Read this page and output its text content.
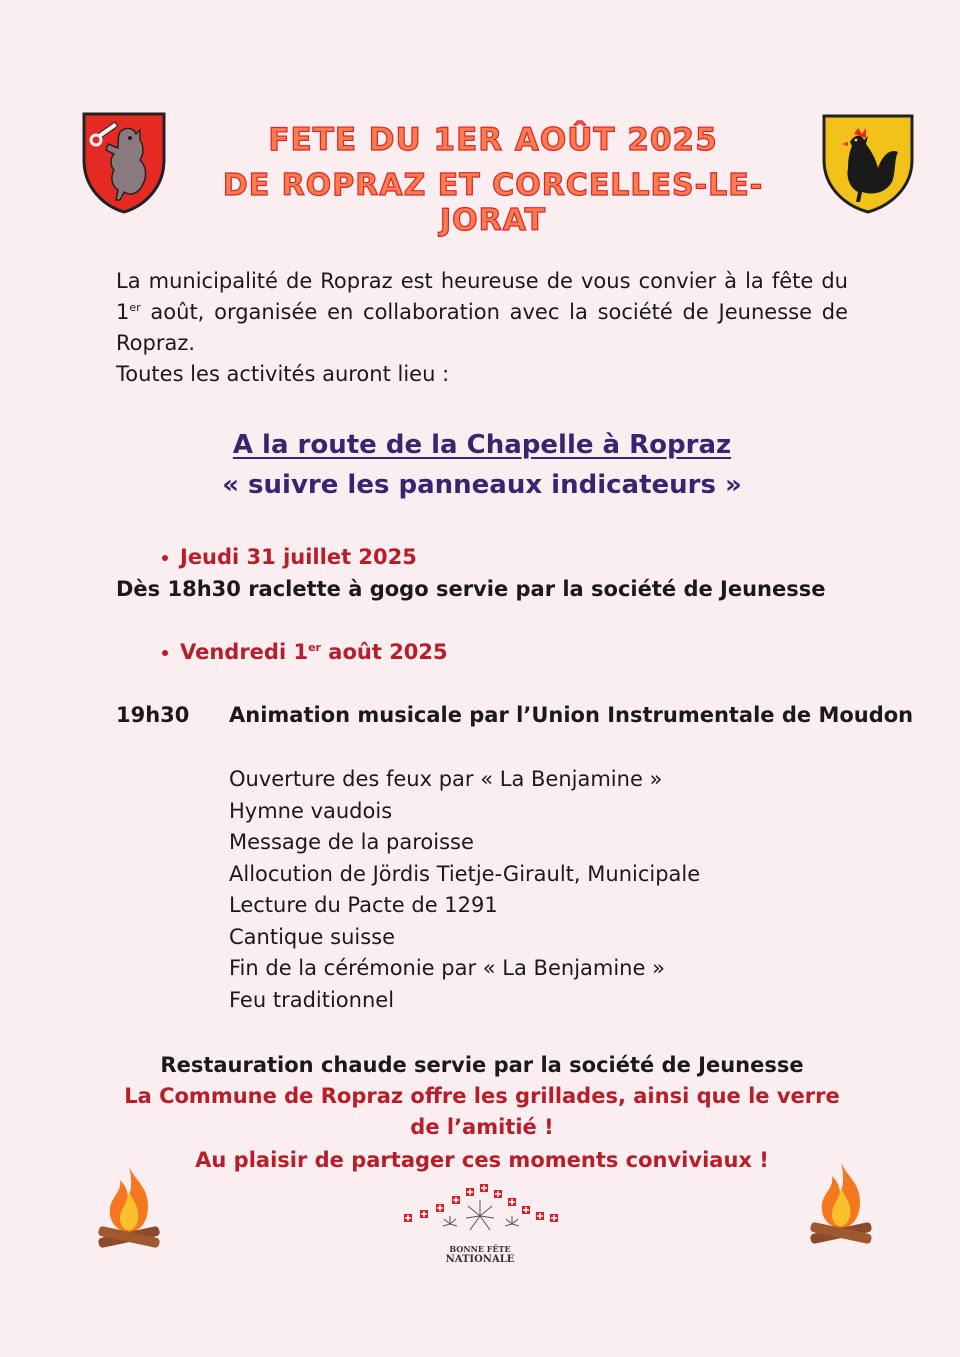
FETE DU 1ER AOÛT 2025
DE ROPRAZ ET CORCELLES-LE-JORAT

La municipalité de Ropraz est heureuse de vous convier à la fête du 1er août, organisée en collaboration avec la société de Jeunesse de Ropraz.

Toutes les activités auront lieu :

A la route de la Chapelle à Ropraz
« suivre les panneaux indicateurs »
Jeudi 31 juillet 2025
Dès 18h30 raclette à gogo servie par la société de Jeunesse
Vendredi 1er août 2025
19h30 Animation musicale par l’Union Instrumentale de Moudon
Ouverture des feux par « La Benjamine »
Hymne vaudois
Message de la paroisse
Allocution de Jördis Tietje-Girault, Municipale
Lecture du Pacte de 1291
Cantique suisse
Fin de la cérémonie par « La Benjamine »
Feu traditionnel
Restauration chaude servie par la société de Jeunesse
La Commune de Ropraz offre les grillades, ainsi que le verre de l’amitié !
Au plaisir de partager ces moments conviviaux !
BONNE FÊTE
NATIONALE
